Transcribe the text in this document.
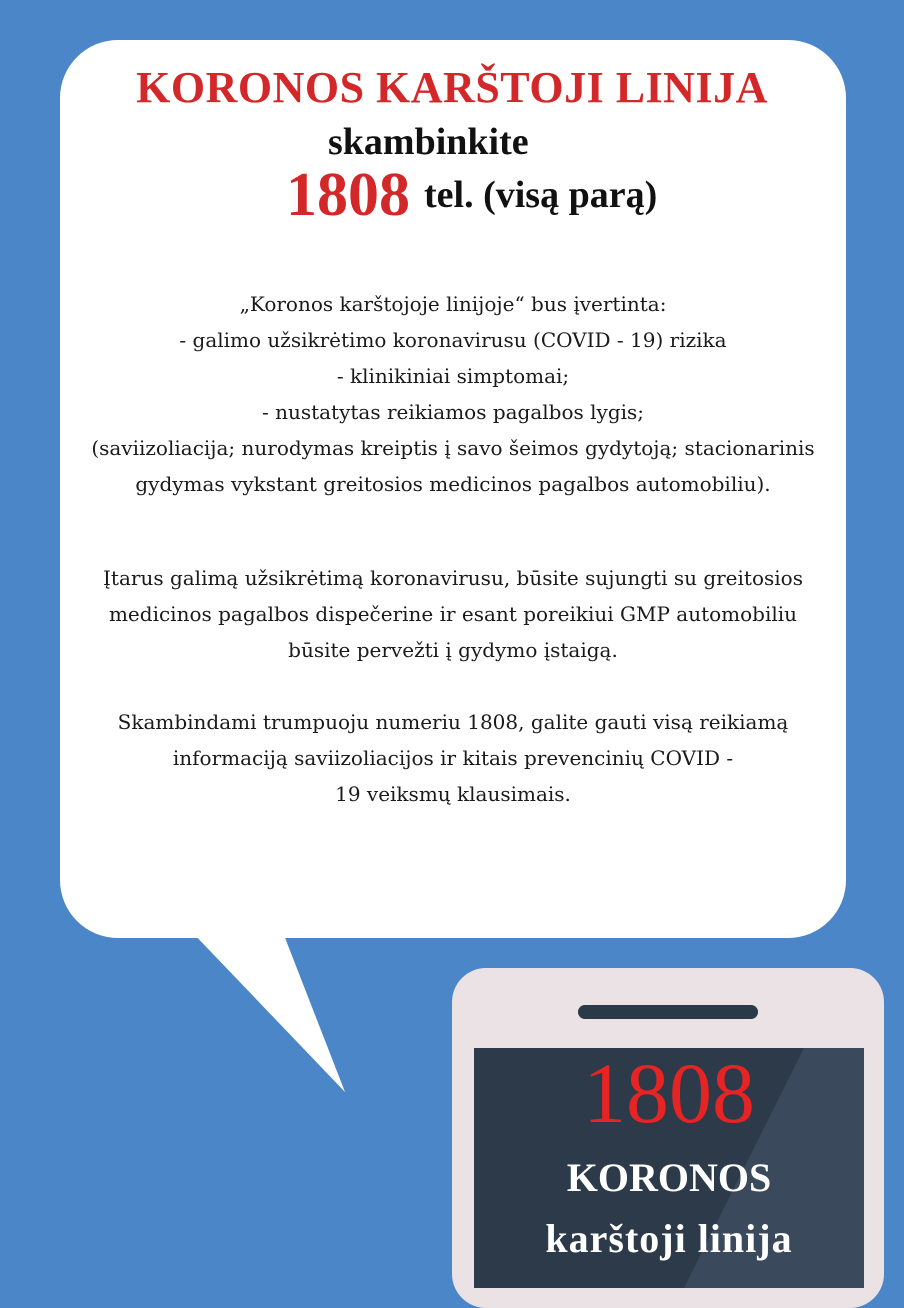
KORONOS KARŠTOJI LINIJA
skambinkite
1808 tel. (visą parą)
„Koronos karštojoje linijoje“ bus įvertinta:
- galimo užsikrėtimo koronavirusu (COVID - 19) rizika
- klinikiniai simptomai;
- nustatytas reikiamos pagalbos lygis;
(saviizoliacija; nurodymas kreiptis į savo šeimos gydytoją; stacionarinis
gydymas vykstant greitosios medicinos pagalbos automobiliu).
Įtarus galimą užsikrėtimą koronavirusu, būsite sujungti su greitosios
medicinos pagalbos dispečerine ir esant poreikiui GMP automobiliu
būsite pervežti į gydymo įstaigą.
Skambindami trumpuoju numeriu 1808, galite gauti visą reikiamą
informaciją saviizoliacijos ir kitais prevencinių COVID -
19 veiksmų klausimais.
1808
KORONOS
karštoji linija
